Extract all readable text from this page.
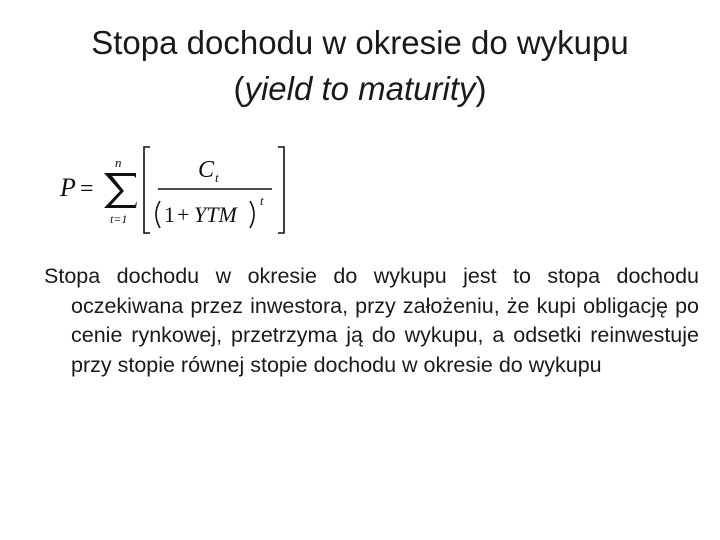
Stopa dochodu w okresie do wykupu
(yield to maturity)
P =
n
t=1
C t
1 + YTM
t

Stopa dochodu w okresie do wykupu jest to stopa dochodu oczekiwana przez inwestora, przy założeniu, że kupi obligację po cenie rynkowej, przetrzyma ją do wykupu, a odsetki reinwestuje przy stopie równej stopie dochodu w okresie do wykupu
